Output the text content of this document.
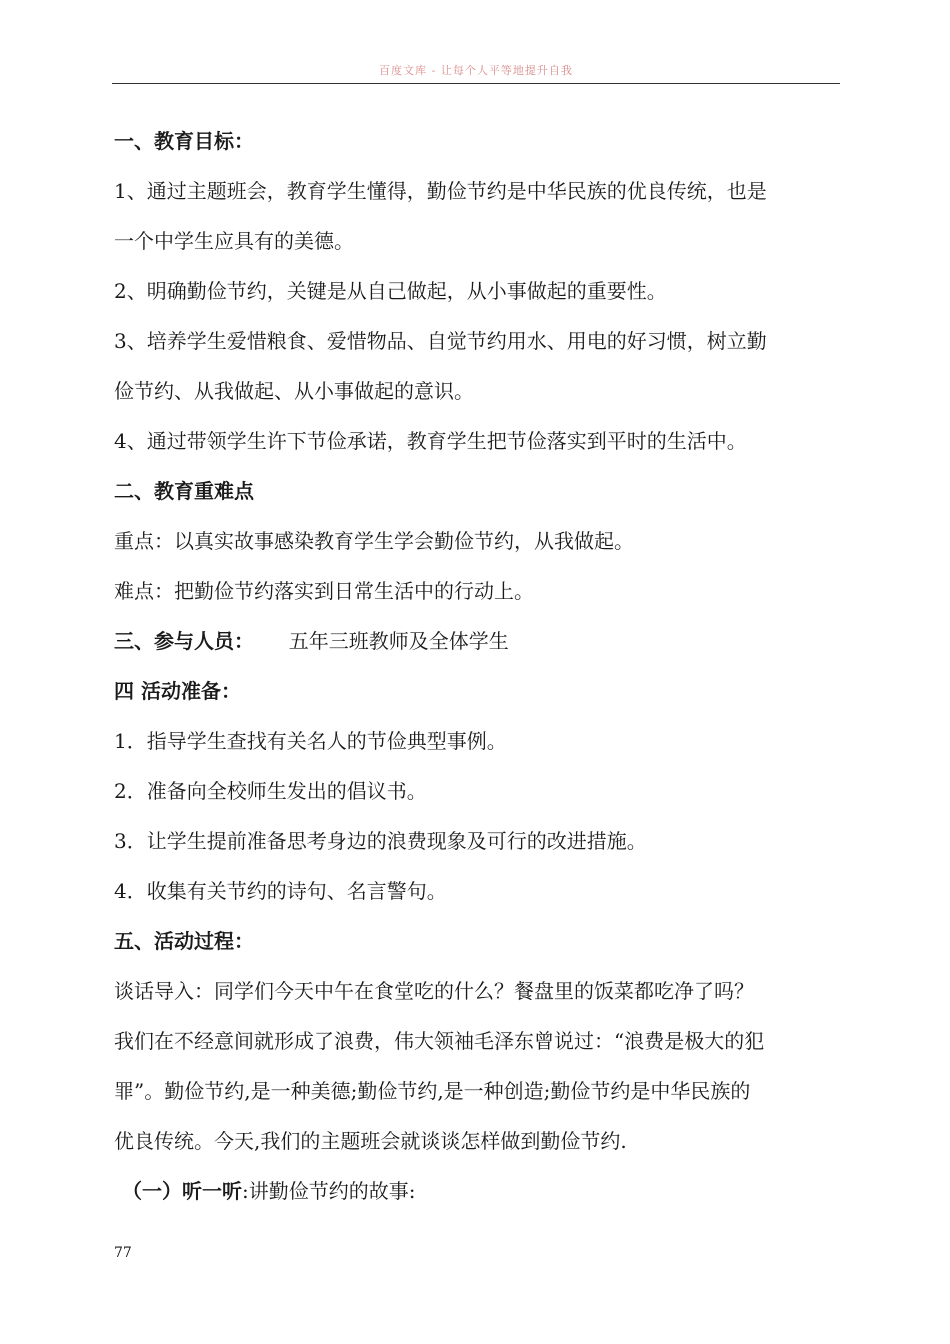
百度文库 - 让每个人平等地提升自我
一、教育目标：
1、通过主题班会，教育学生懂得，勤俭节约是中华民族的优良传统，也是
一个中学生应具有的美德。
2、明确勤俭节约，关键是从自己做起，从小事做起的重要性。
3、培养学生爱惜粮食、爱惜物品、自觉节约用水、用电的好习惯，树立勤
俭节约、从我做起、从小事做起的意识。
4、通过带领学生许下节俭承诺，教育学生把节俭落实到平时的生活中。
二、教育重难点
重点：以真实故事感染教育学生学会勤俭节约，从我做起。
难点：把勤俭节约落实到日常生活中的行动上。
三、参与人员： 五年三班教师及全体学生
四 活动准备：
1．指导学生查找有关名人的节俭典型事例。
2．准备向全校师生发出的倡议书。
3．让学生提前准备思考身边的浪费现象及可行的改进措施。
4．收集有关节约的诗句、名言警句。
五、活动过程：
谈话导入：同学们今天中午在食堂吃的什么？餐盘里的饭菜都吃净了吗？
我们在不经意间就形成了浪费，伟大领袖毛泽东曾说过：“浪费是极大的犯
罪”。勤俭节约,是一种美德;勤俭节约,是一种创造;勤俭节约是中华民族的
优良传统。今天,我们的主题班会就谈谈怎样做到勤俭节约.
（一）听一听:讲勤俭节约的故事:
77
